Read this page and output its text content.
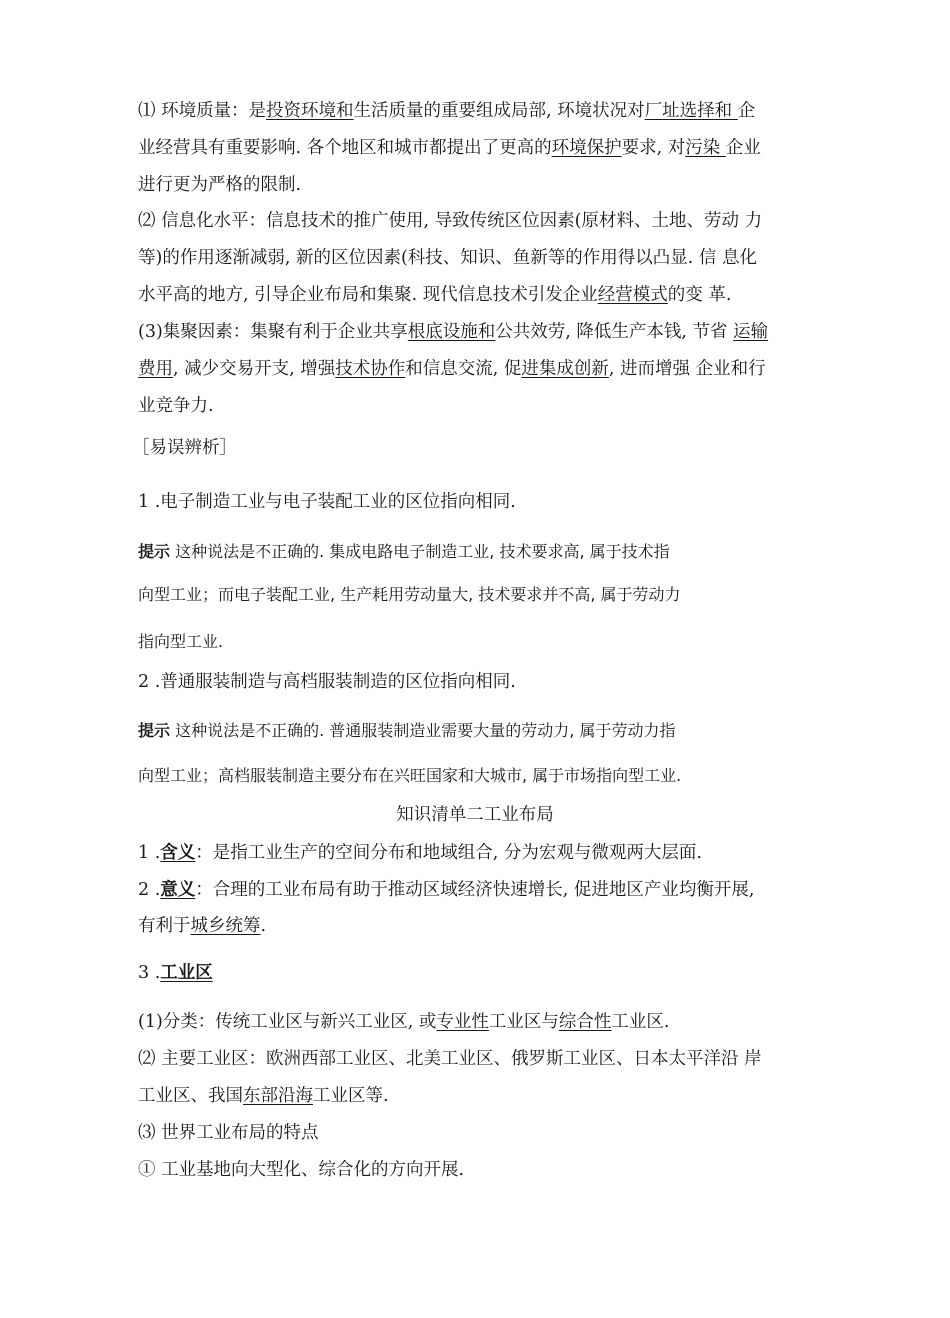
⑴ 环境质量：是投资环境和生活质量的重要组成局部, 环境状况对厂址选择和 企
业经营具有重要影响. 各个地区和城市都提出了更高的环境保护要求, 对污染 企业
进行更为严格的限制.
⑵ 信息化水平：信息技术的推广使用, 导致传统区位因素(原材料、土地、劳动 力
等)的作用逐渐减弱, 新的区位因素(科技、知识、鱼新等的作用得以凸显. 信 息化
水平高的地方, 引导企业布局和集聚. 现代信息技术引发企业经营模式的变 革.
(3)集聚因素：集聚有利于企业共享根底设施和公共效劳, 降低生产本钱, 节省 运输
费用, 减少交易开支, 增强技术协作和信息交流, 促进集成创新, 进而增强 企业和行
业竞争力.
［易误辨析］
1 .电子制造工业与电子装配工业的区位指向相同.
提示 这种说法是不正确的. 集成电路电子制造工业, 技术要求高, 属于技术指
向型工业；而电子装配工业, 生产耗用劳动量大, 技术要求并不高, 属于劳动力
指向型工业.
2 .普通服装制造与高档服装制造的区位指向相同.
提示 这种说法是不正确的. 普通服装制造业需要大量的劳动力, 属于劳动力指
向型工业；高档服装制造主要分布在兴旺国家和大城市, 属于市场指向型工业.
知识清单二工业布局
1 .含义：是指工业生产的空间分布和地域组合, 分为宏观与微观两大层面.
2 .意义：合理的工业布局有助于推动区域经济快速增长, 促进地区产业均衡开展,
有利于城乡统筹.
3 .工业区
(1)分类：传统工业区与新兴工业区, 或专业性工业区与综合性工业区.
⑵ 主要工业区：欧洲西部工业区、北美工业区、俄罗斯工业区、日本太平洋沿 岸
工业区、我国东部沿海工业区等.
⑶ 世界工业布局的特点
① 工业基地向大型化、综合化的方向开展.
